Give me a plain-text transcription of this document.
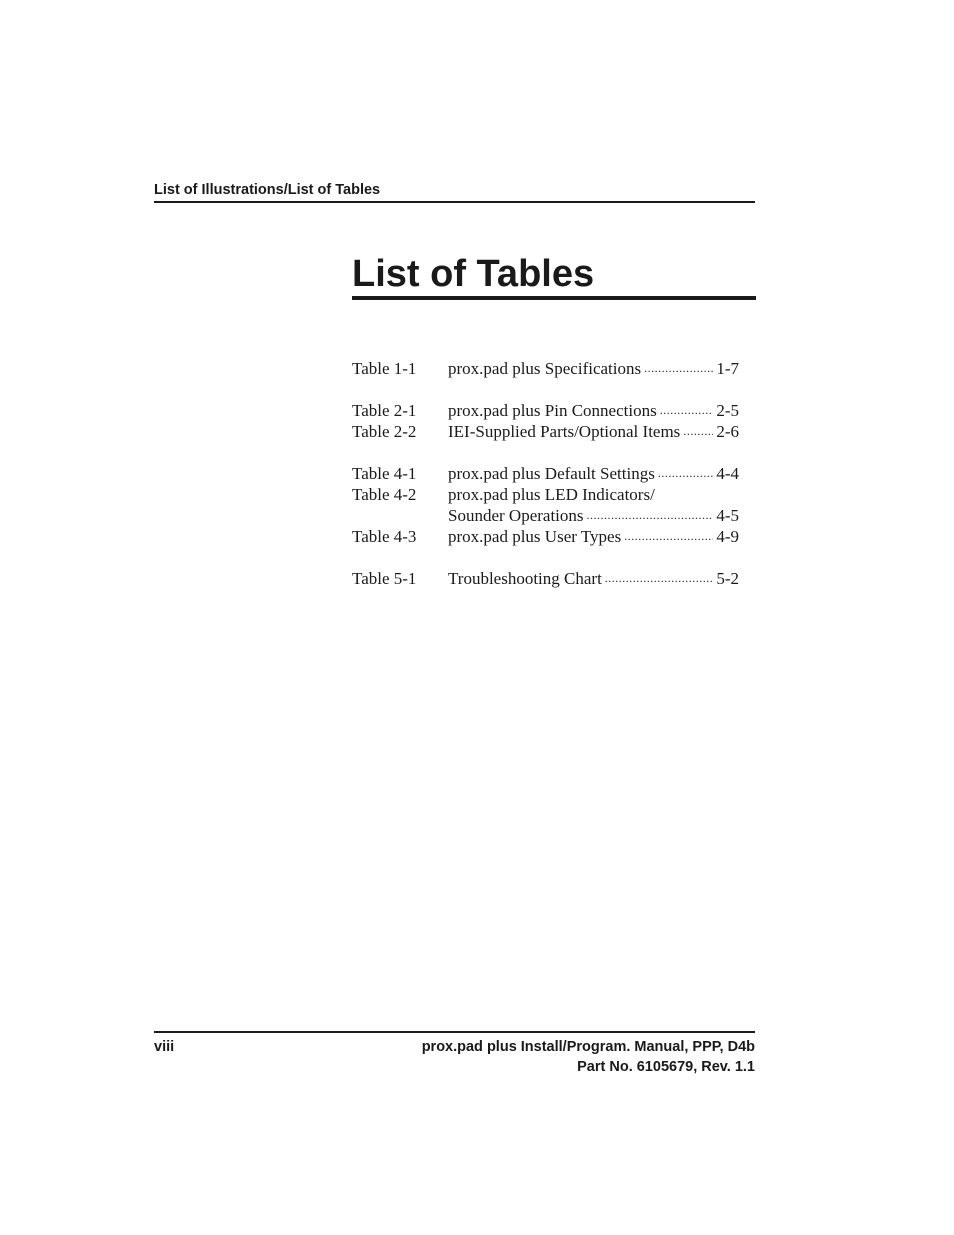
List of Illustrations/List of Tables
List of Tables
Table 1-1	prox.pad plus Specifications .....	1-7
Table 2-1	prox.pad plus Pin Connections .....	2-5
Table 2-2	IEI-Supplied Parts/Optional Items ..... 2-6
Table 4-1	prox.pad plus Default Settings .....	4-4
Table 4-2	prox.pad plus LED Indicators/
Sounder Operations .....	4-5
Table 4-3	prox.pad plus User Types .....	4-9
Table 5-1	Troubleshooting Chart .....	5-2
viii	prox.pad plus Install/Program. Manual, PPP, D4b
Part No. 6105679, Rev. 1.1
